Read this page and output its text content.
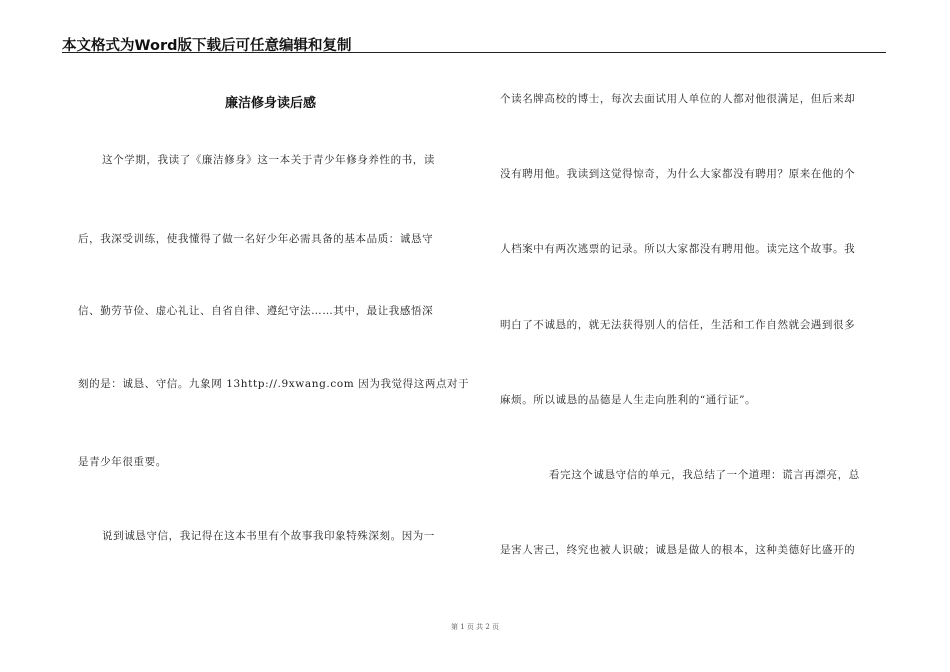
本文格式为Word版下载后可任意编辑和复制
廉洁修身读后感
这个学期，我读了《廉洁修身》这一本关于青少年修身养性的书，读
后，我深受训练，使我懂得了做一名好少年必需具备的基本品质：诚恳守
信、勤劳节俭、虚心礼让、自省自律、遵纪守法……其中，最让我感悟深
刻的是：诚恳、守信。九象网 13http://.9xwang.com 因为我觉得这两点对于
是青少年很重要。
说到诚恳守信，我记得在这本书里有个故事我印象特殊深刻。因为一
个读名牌高校的博士，每次去面试用人单位的人都对他很满足，但后来却
没有聘用他。我读到这觉得惊奇，为什么大家都没有聘用？原来在他的个
人档案中有两次逃票的记录。所以大家都没有聘用他。读完这个故事。我
明白了不诚恳的，就无法获得别人的信任，生活和工作自然就会遇到很多
麻烦。所以诚恳的品德是人生走向胜利的“通行证”。
看完这个诚恳守信的单元，我总结了一个道理：谎言再漂亮，总
是害人害己，终究也被人识破；诚恳是做人的根本，这种美德好比盛开的
第 1 页 共 2 页
